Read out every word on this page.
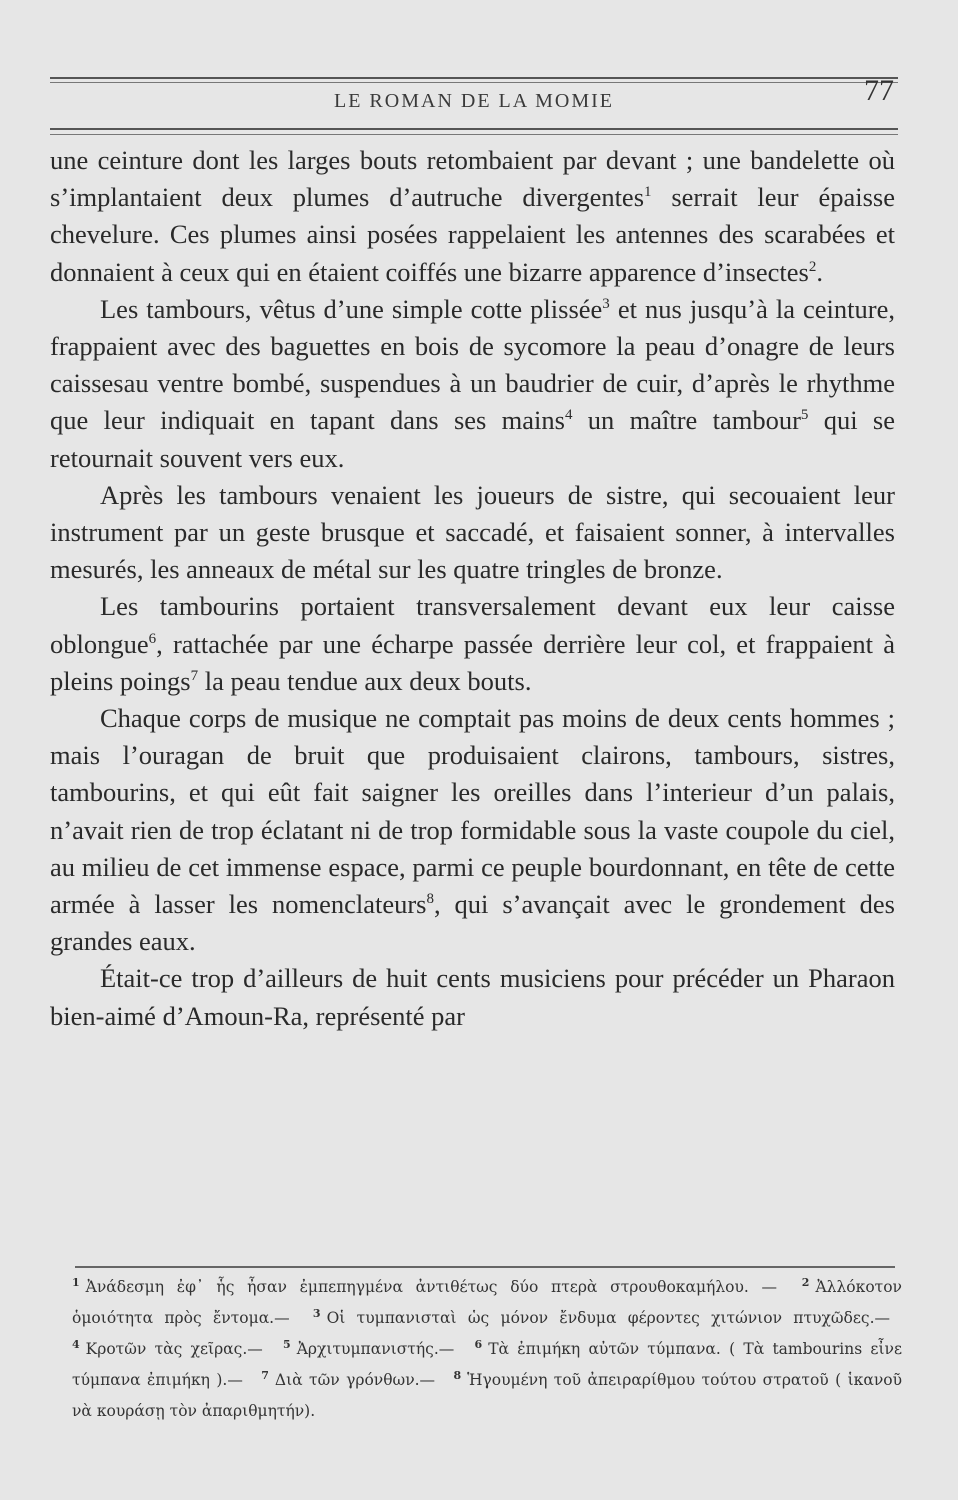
LE ROMAN DE LA MOMIE	77

une ceinture dont les larges bouts retombaient par devant ; une bandelette où s’implantaient deux plumes d’autruche divergentes$^1$ serrait leur épaisse chevelure. Ces plumes ainsi posées rappelaient les antennes des scarabées et donnaient à ceux qui en étaient coiffés une bizarre apparence d’insectes$^2$.

Les tambours, vêtus d’une simple cotte plissée$^3$ et nus jusqu’à la ceinture, frappaient avec des baguettes en bois de sycomore la peau d’onagre de leurs caissesau ventre bombé, suspendues à un baudrier de cuir, d’après le rhythme que leur indiquait en tapant dans ses mains$^4$ un maître tambour$^5$ qui se retournait souvent vers eux.

Après les tambours venaient les joueurs de sistre, qui secouaient leur instrument par un geste brusque et saccadé, et faisaient sonner, à intervalles mesurés, les anneaux de métal sur les quatre tringles de bronze.

Les tambourins portaient transversalement devant eux leur caisse oblongue$^6$, rattachée par une écharpe passée derrière leur col, et frappaient à pleins poings$^7$ la peau tendue aux deux bouts.

Chaque corps de musique ne comptait pas moins de deux cents hommes ; mais l’ouragan de bruit que produisaient clairons, tambours, sistres, tambourins, et qui eût fait saigner les oreilles dans l’interieur d’un palais, n’avait rien de trop éclatant ni de trop formidable sous la vaste coupole du ciel, au milieu de cet immense espace, parmi ce peuple bourdonnant, en tête de cette armée à lasser les nomenclateurs$^8$, qui s’avançait avec le grondement des grandes eaux.

Était-ce trop d’ailleurs de huit cents musiciens pour précéder un Pharaon bien-aimé d’Amoun-Ra, représenté par

$^1$ Ἀνάδεσμη ἐφ᾽ ἧς ἦσαν ἐμπεπηγμένα ἀντιθέτως δύο πτερὰ στρουθοκαμήλου. — $^2$ Ἀλλόκοτον ὁμοιότητα πρὸς ἔντομα.— $^3$ Οἱ τυμπανισταὶ ὡς μόνον ἔνδυμα φέροντες χιτώνιον πτυχῶδες.— $^4$ Κροτῶν τὰς χεῖρας.— $^5$ Ἀρχιτυμπανιστής.— $^6$ Τὰ ἐπιμήκη αὐτῶν τύμπανα. ( Τὰ tambourins εἶνε τύμπανα ἐπιμήκη ).— $^7$ Διὰ τῶν γρόνθων.— $^8$ Ἡγουμένη τοῦ ἀπειραρίθμου τούτου στρατοῦ ( ἱκανοῦ νὰ κουράσῃ τὸν ἀπαριθμητήν).
